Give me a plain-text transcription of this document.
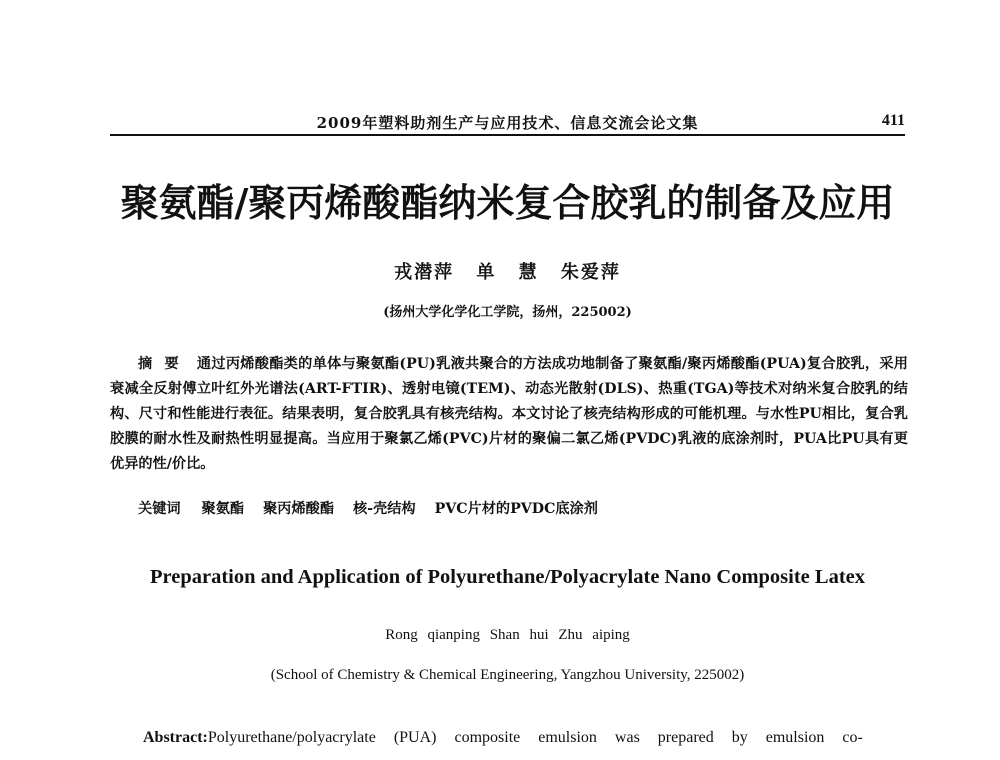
2009年塑料助剂生产与应用技术、信息交流会论文集	411
聚氨酯/聚丙烯酸酯纳米复合胶乳的制备及应用
戎潜萍 单 慧 朱爱萍
(扬州大学化学化工学院，扬州，225002)
摘要 通过丙烯酸酯类的单体与聚氨酯(PU)乳液共聚合的方法成功地制备了聚氨酯/聚丙烯酸酯(PUA)复合胶乳，采用衰减全反射傅立叶红外光谱法(ART-FTIR)、透射电镜(TEM)、动态光散射(DLS)、热重(TGA)等技术对纳米复合胶乳的结构、尺寸和性能进行表征。结果表明，复合胶乳具有核壳结构。本文讨论了核壳结构形成的可能机理。与水性PU相比，复合乳胶膜的耐水性及耐热性明显提高。当应用于聚氯乙烯(PVC)片材的聚偏二氯乙烯(PVDC)乳液的底涂剂时，PUA比PU具有更优异的性/价比。
关键词 聚氨酯 聚丙烯酸酯 核-壳结构 PVC片材的PVDC底涂剂
Preparation and Application of Polyurethane/Polyacrylate Nano Composite Latex
Rong qianping Shan hui Zhu aiping
(School of Chemistry & Chemical Engineering, Yangzhou University, 225002)
Abstract:Polyurethane/polyacrylate (PUA) composite emulsion was prepared by emulsion co-
